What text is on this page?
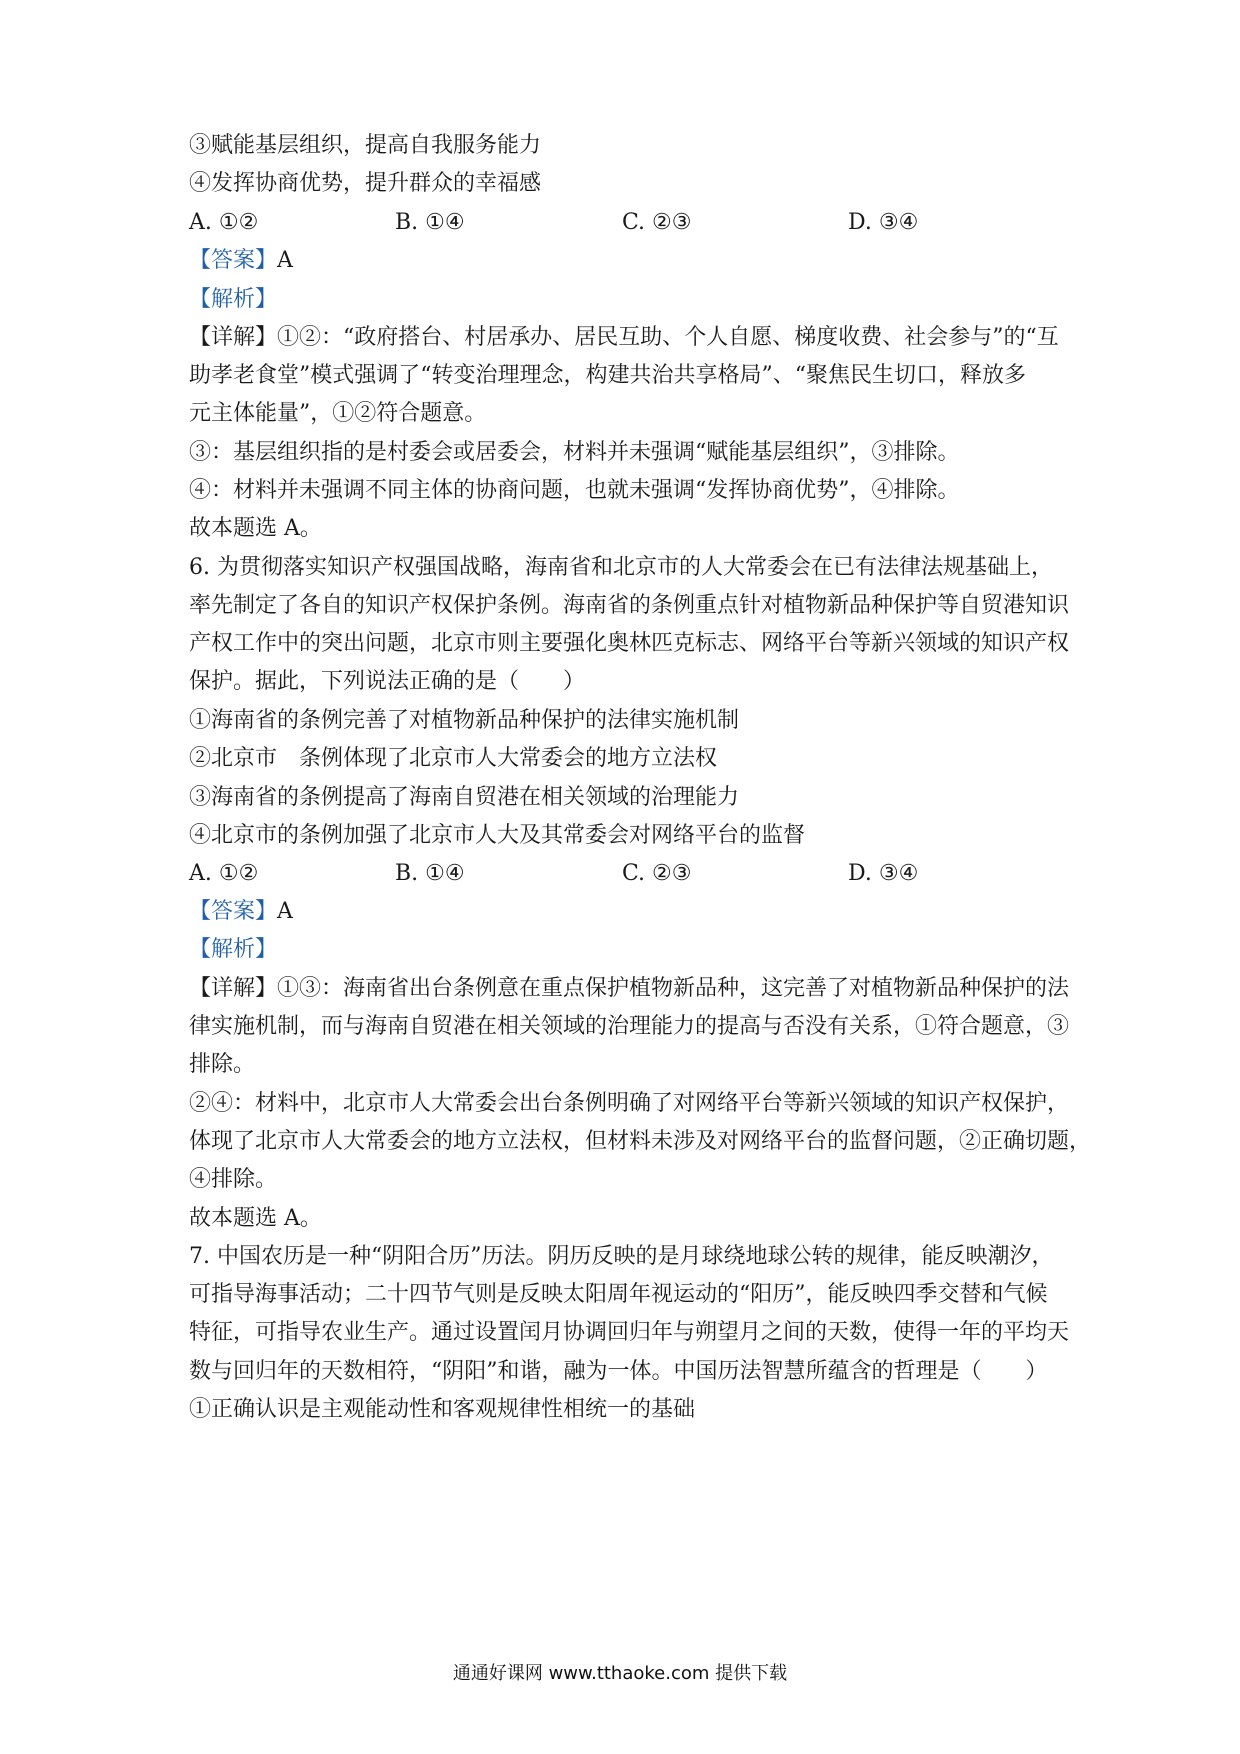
③赋能基层组织，提高自我服务能力
④发挥协商优势，提升群众的幸福感
A. ①②	B. ①④	C. ②③	D. ③④
【答案】A
【解析】
【详解】①②：“政府搭台、村居承办、居民互助、个人自愿、梯度收费、社会参与”的“互
助孝老食堂”模式强调了“转变治理理念，构建共治共享格局”、“聚焦民生切口，释放多
元主体能量”，①②符合题意。
③：基层组织指的是村委会或居委会，材料并未强调“赋能基层组织”，③排除。
④：材料并未强调不同主体的协商问题，也就未强调“发挥协商优势”，④排除。
故本题选 A。
6. 为贯彻落实知识产权强国战略，海南省和北京市的人大常委会在已有法律法规基础上，
率先制定了各自的知识产权保护条例。海南省的条例重点针对植物新品种保护等自贸港知识
产权工作中的突出问题，北京市则主要强化奥林匹克标志、网络平台等新兴领域的知识产权
保护。据此，下列说法正确的是（　　）
①海南省的条例完善了对植物新品种保护的法律实施机制
②北京市　条例体现了北京市人大常委会的地方立法权
③海南省的条例提高了海南自贸港在相关领域的治理能力
④北京市的条例加强了北京市人大及其常委会对网络平台的监督
A. ①②	B. ①④	C. ②③	D. ③④
【答案】A
【解析】
【详解】①③：海南省出台条例意在重点保护植物新品种，这完善了对植物新品种保护的法
律实施机制，而与海南自贸港在相关领域的治理能力的提高与否没有关系，①符合题意，③
排除。
②④：材料中，北京市人大常委会出台条例明确了对网络平台等新兴领域的知识产权保护，
体现了北京市人大常委会的地方立法权，但材料未涉及对网络平台的监督问题，②正确切题，
④排除。
故本题选 A。
7. 中国农历是一种“阴阳合历”历法。阴历反映的是月球绕地球公转的规律，能反映潮汐，
可指导海事活动；二十四节气则是反映太阳周年视运动的“阳历”，能反映四季交替和气候
特征，可指导农业生产。通过设置闰月协调回归年与朔望月之间的天数，使得一年的平均天
数与回归年的天数相符，“阴阳”和谐，融为一体。中国历法智慧所蕴含的哲理是（　　）
①正确认识是主观能动性和客观规律性相统一的基础
通通好课网 www.tthaoke.com 提供下载
